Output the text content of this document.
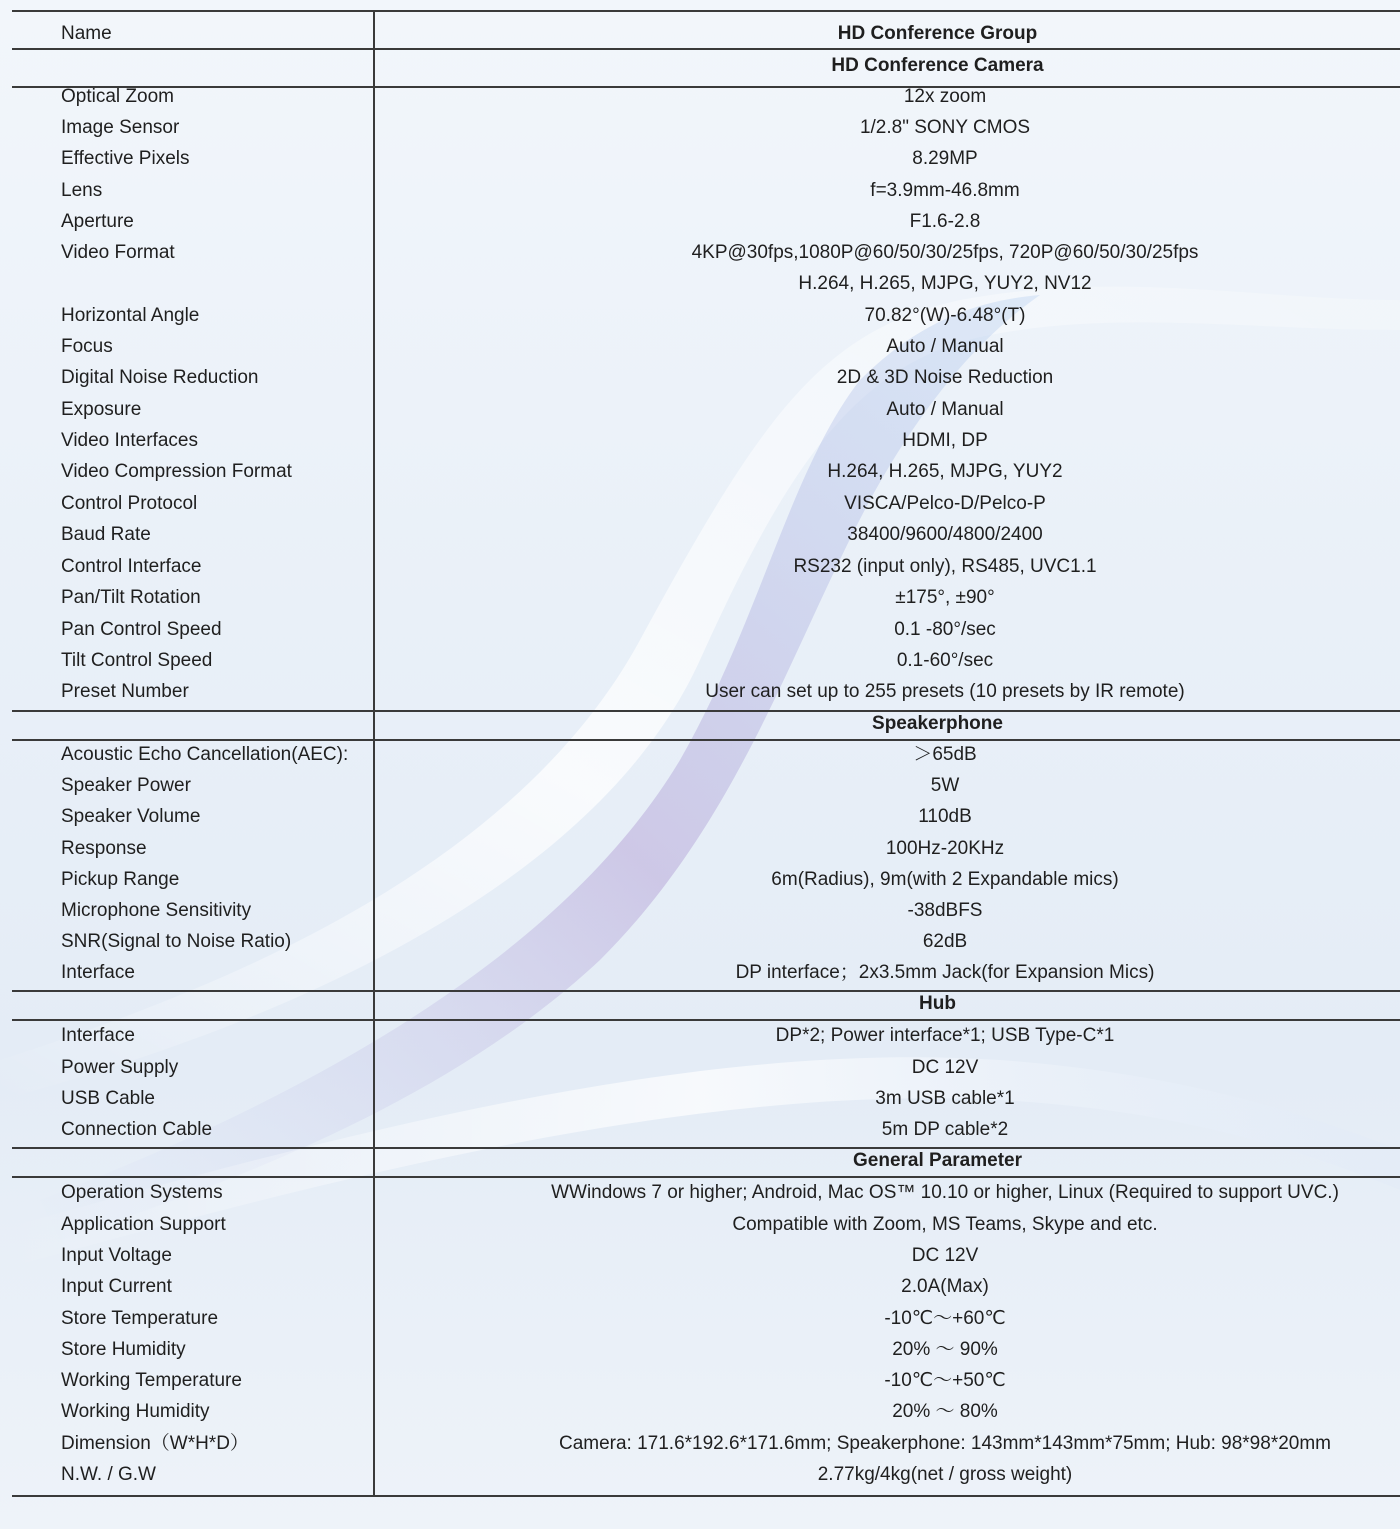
Name	HD Conference Group
HD Conference Camera
Optical Zoom	12x zoom
Image Sensor	1/2.8" SONY CMOS
Effective Pixels	8.29MP
Lens	f=3.9mm-46.8mm
Aperture	F1.6-2.8
Video Format	4KP@30fps,1080P@60/50/30/25fps, 720P@60/50/30/25fps
H.264, H.265, MJPG, YUY2, NV12
Horizontal Angle	70.82°(W)-6.48°(T)
Focus	Auto / Manual
Digital Noise Reduction	2D & 3D Noise Reduction
Exposure	Auto / Manual
Video Interfaces	HDMI, DP
Video Compression Format	H.264, H.265, MJPG, YUY2
Control Protocol	VISCA/Pelco-D/Pelco-P
Baud Rate	38400/9600/4800/2400
Control Interface	RS232 (input only), RS485, UVC1.1
Pan/Tilt Rotation	±175°, ±90°
Pan Control Speed	0.1 -80°/sec
Tilt Control Speed	0.1-60°/sec
Preset Number	User can set up to 255 presets (10 presets by IR remote)
Speakerphone
Acoustic Echo Cancellation(AEC):	＞65dB
Speaker Power	5W
Speaker Volume	110dB
Response	100Hz-20KHz
Pickup Range	6m(Radius), 9m(with 2 Expandable mics)
Microphone Sensitivity	-38dBFS
SNR(Signal to Noise Ratio)	62dB
Interface	DP interface；2x3.5mm Jack(for Expansion Mics)
Hub
Interface	DP*2; Power interface*1; USB Type-C*1
Power Supply	DC 12V
USB Cable	3m USB cable*1
Connection Cable	5m DP cable*2
General Parameter
Operation Systems	WWindows 7 or higher; Android, Mac OS™ 10.10 or higher, Linux (Required to support UVC.)
Application Support	Compatible with Zoom, MS Teams, Skype and etc.
Input Voltage	DC 12V
Input Current	2.0A(Max)
Store Temperature	-10℃～+60℃
Store Humidity	20% ～ 90%
Working Temperature	-10℃～+50℃
Working Humidity	20% ～ 80%
Dimension（W*H*D）	Camera: 171.6*192.6*171.6mm; Speakerphone: 143mm*143mm*75mm; Hub: 98*98*20mm
N.W. / G.W	2.77kg/4kg(net / gross weight)
